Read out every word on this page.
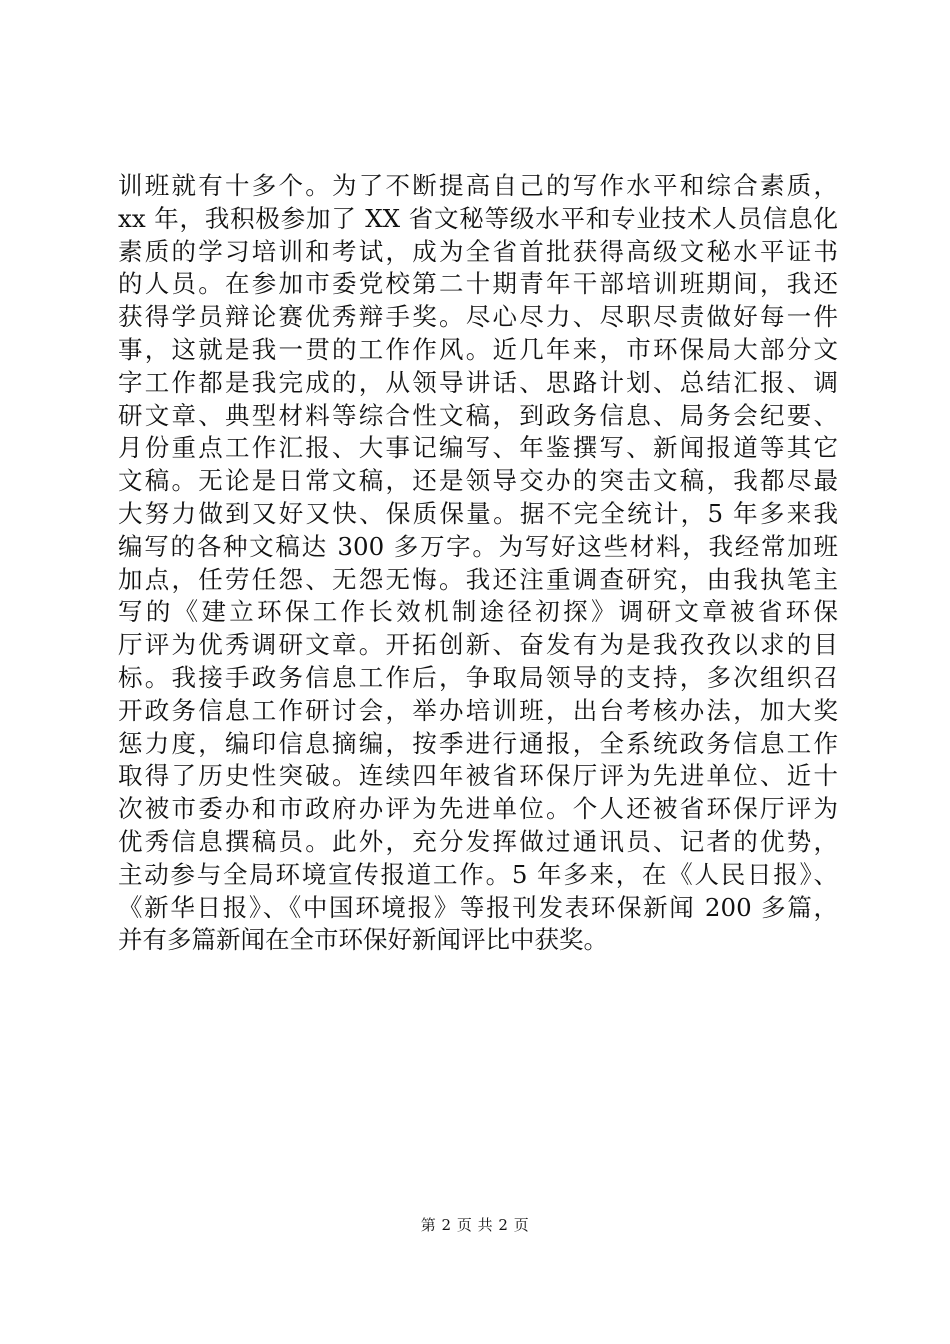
训班就有十多个。为了不断提高自己的写作水平和综合素质，
xx 年，我积极参加了 XX 省文秘等级水平和专业技术人员信息化
素质的学习培训和考试，成为全省首批获得高级文秘水平证书
的人员。在参加市委党校第二十期青年干部培训班期间，我还
获得学员辩论赛优秀辩手奖。尽心尽力、尽职尽责做好每一件
事，这就是我一贯的工作作风。近几年来，市环保局大部分文
字工作都是我完成的，从领导讲话、思路计划、总结汇报、调
研文章、典型材料等综合性文稿，到政务信息、局务会纪要、
月份重点工作汇报、大事记编写、年鉴撰写、新闻报道等其它
文稿。无论是日常文稿，还是领导交办的突击文稿，我都尽最
大努力做到又好又快、保质保量。据不完全统计，5 年多来我
编写的各种文稿达 300 多万字。为写好这些材料，我经常加班
加点，任劳任怨、无怨无悔。我还注重调查研究，由我执笔主
写的《建立环保工作长效机制途径初探》调研文章被省环保
厅评为优秀调研文章。开拓创新、奋发有为是我孜孜以求的目
标。我接手政务信息工作后，争取局领导的支持，多次组织召
开政务信息工作研讨会，举办培训班，出台考核办法，加大奖
惩力度，编印信息摘编，按季进行通报，全系统政务信息工作
取得了历史性突破。连续四年被省环保厅评为先进单位、近十
次被市委办和市政府办评为先进单位。个人还被省环保厅评为
优秀信息撰稿员。此外，充分发挥做过通讯员、记者的优势，
主动参与全局环境宣传报道工作。5 年多来，在《人民日报》、
《新华日报》、《中国环境报》等报刊发表环保新闻 200 多篇，
并有多篇新闻在全市环保好新闻评比中获奖。
第 2 页 共 2 页
